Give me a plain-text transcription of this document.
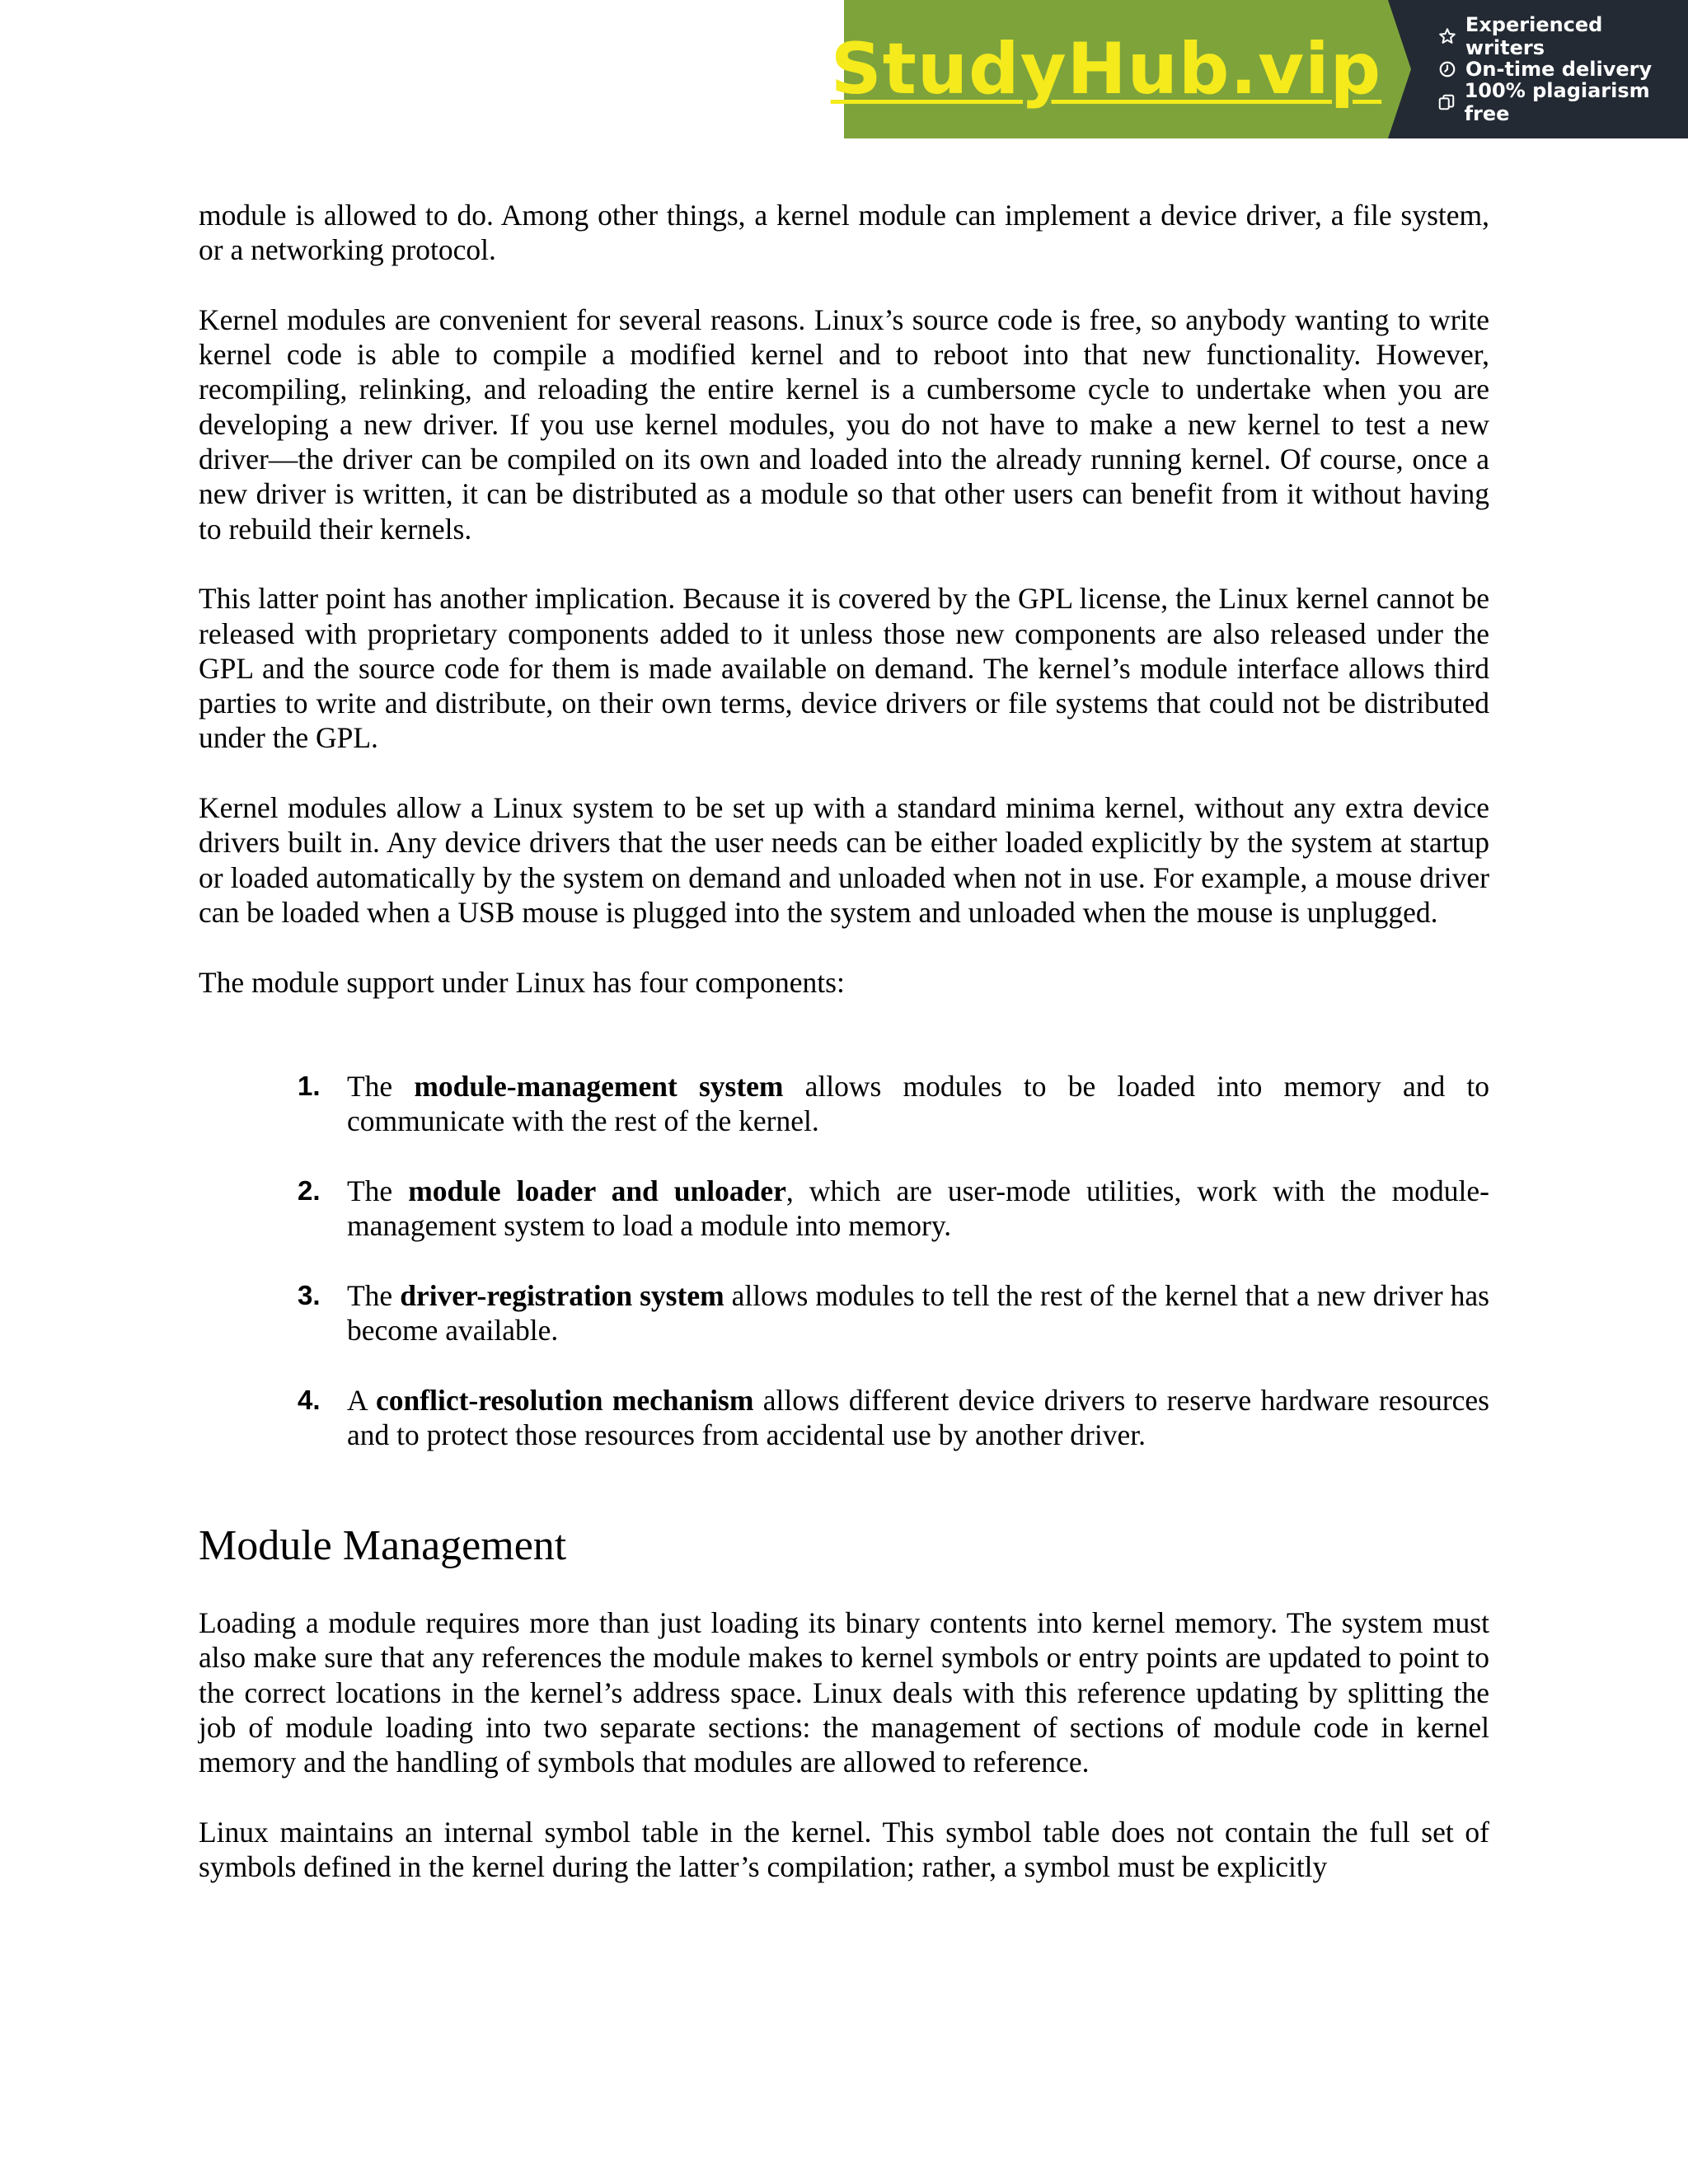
StudyHub.vip
Experienced writers
On-time delivery
100% plagiarism free

module is allowed to do. Among other things, a kernel module can implement a device driver, a file system, or a networking protocol.

Kernel modules are convenient for several reasons. Linux’s source code is free, so anybody wanting to write kernel code is able to compile a modified kernel and to reboot into that new functionality. However, recompiling, relinking, and reloading the entire kernel is a cumbersome cycle to undertake when you are developing a new driver. If you use kernel modules, you do not have to make a new kernel to test a new driver—the driver can be compiled on its own and loaded into the already running kernel. Of course, once a new driver is written, it can be distributed as a module so that other users can benefit from it without having to rebuild their kernels.

This latter point has another implication. Because it is covered by the GPL license, the Linux kernel cannot be released with proprietary components added to it unless those new components are also released under the GPL and the source code for them is made available on demand. The kernel’s module interface allows third parties to write and distribute, on their own terms, device drivers or file systems that could not be distributed under the GPL.

Kernel modules allow a Linux system to be set up with a standard minima kernel, without any extra device drivers built in. Any device drivers that the user needs can be either loaded explicitly by the system at startup or loaded automatically by the system on demand and unloaded when not in use. For example, a mouse driver can be loaded when a USB mouse is plugged into the system and unloaded when the mouse is unplugged.

The module support under Linux has four components:

1. The module-management system allows modules to be loaded into memory and to communicate with the rest of the kernel.
2. The module loader and unloader, which are user-mode utilities, work with the module-management system to load a module into memory.
3. The driver-registration system allows modules to tell the rest of the kernel that a new driver has become available.
4. A conflict-resolution mechanism allows different device drivers to reserve hardware resources and to protect those resources from accidental use by another driver.
Module Management

Loading a module requires more than just loading its binary contents into kernel memory. The system must also make sure that any references the module makes to kernel symbols or entry points are updated to point to the correct locations in the kernel’s address space. Linux deals with this reference updating by splitting the job of module loading into two separate sections: the management of sections of module code in kernel memory and the handling of symbols that modules are allowed to reference.

Linux maintains an internal symbol table in the kernel. This symbol table does not contain the full set of symbols defined in the kernel during the latter’s compilation; rather, a symbol must be explicitly
